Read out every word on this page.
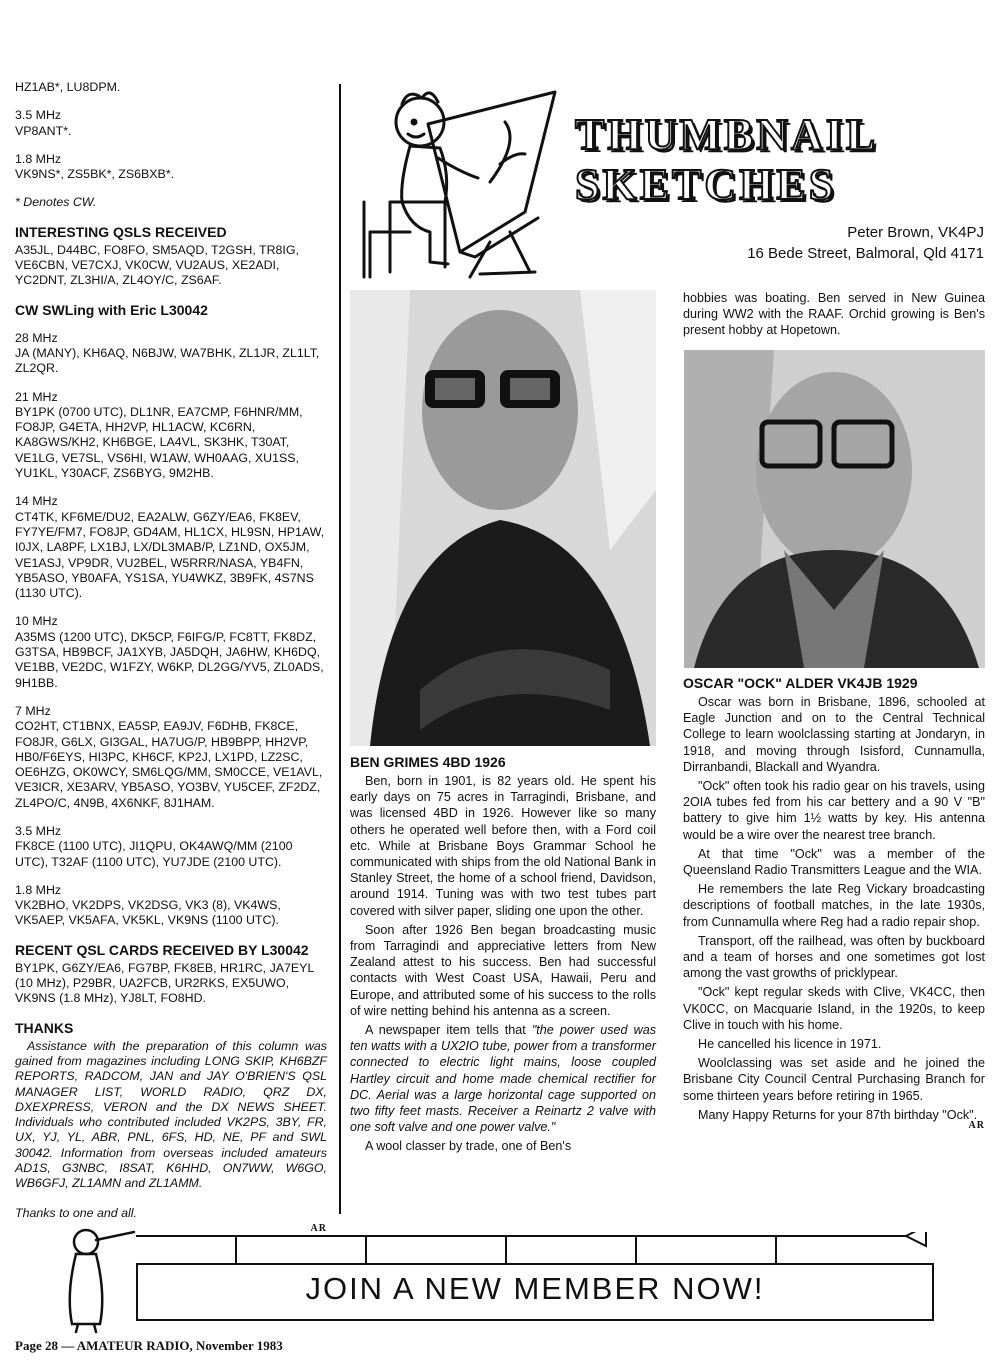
HZ1AB*, LU8DPM.
3.5 MHz
VP8ANT*.
1.8 MHz
VK9NS*, ZS5BK*, ZS6BXB*.
* Denotes CW.
INTERESTING QSLS RECEIVED
A35JL, D44BC, FO8FO, SM5AQD, T2GSH, TR8IG, VE6CBN, VE7CXJ, VK0CW, VU2AUS, XE2ADI, YC2DNT, ZL3HI/A, ZL4OY/C, ZS6AF.
CW SWLing with Eric L30042
28 MHz
JA (MANY), KH6AQ, N6BJW, WA7BHK, ZL1JR, ZL1LT, ZL2QR.
21 MHz
BY1PK (0700 UTC), DL1NR, EA7CMP, F6HNR/MM, FO8JP, G4ETA, HH2VP, HL1ACW, KC6RN, KA8GWS/KH2, KH6BGE, LA4VL, SK3HK, T30AT, VE1LG, VE7SL, VS6HI, W1AW, WH0AAG, XU1SS, YU1KL, Y30ACF, ZS6BYG, 9M2HB.
14 MHz
CT4TK, KF6ME/DU2, EA2ALW, G6ZY/EA6, FK8EV, FY7YE/FM7, FO8JP, GD4AM, HL1CX, HL9SN, HP1AW, I0JX, LA8PF, LX1BJ, LX/DL3MAB/P, LZ1ND, OX5JM, VE1ASJ, VP9DR, VU2BEL, W5RRR/NASA, YB4FN, YB5ASO, YB0AFA, YS1SA, YU4WKZ, 3B9FK, 4S7NS (1130 UTC).
10 MHz
A35MS (1200 UTC), DK5CP, F6IFG/P, FC8TT, FK8DZ, G3TSA, HB9BCF, JA1XYB, JA5DQH, JA6HW, KH6DQ, VE1BB, VE2DC, W1FZY, W6KP, DL2GG/YV5, ZL0ADS, 9H1BB.
7 MHz
CO2HT, CT1BNX, EA5SP, EA9JV, F6DHB, FK8CE, FO8JR, G6LX, GI3GAL, HA7UG/P, HB9BPP, HH2VP, HB0/F6EYS, HI3PC, KH6CF, KP2J, LX1PD, LZ2SC, OE6HZG, OK0WCY, SM6LQG/MM, SM0CCE, VE1AVL, VE3ICR, XE3ARV, YB5ASO, YO3BV, YU5CEF, ZF2DZ, ZL4PO/C, 4N9B, 4X6NKF, 8J1HAM.
3.5 MHz
FK8CE (1100 UTC), JI1QPU, OK4AWQ/MM (2100 UTC), T32AF (1100 UTC), YU7JDE (2100 UTC).
1.8 MHz
VK2BHO, VK2DPS, VK2DSG, VK3 (8), VK4WS, VK5AEP, VK5AFA, VK5KL, VK9NS (1100 UTC).
RECENT QSL CARDS RECEIVED BY L30042
BY1PK, G6ZY/EA6, FG7BP, FK8EB, HR1RC, JA7EYL (10 MHz), P29BR, UA2FCB, UR2RKS, EX5UWO, VK9NS (1.8 MHz), YJ8LT, FO8HD.
THANKS
Assistance with the preparation of this column was gained from magazines including LONG SKIP, KH6BZF REPORTS, RADCOM, JAN and JAY O'BRIEN'S QSL MANAGER LIST, WORLD RADIO, QRZ DX, DXEXPRESS, VERON and the DX NEWS SHEET. Individuals who contributed included VK2PS, 3BY, FR, UX, YJ, YL, ABR, PNL, 6FS, HD, NE, PF and SWL 30042. Information from overseas included amateurs AD1S, G3NBC, I8SAT, K6HHD, ON7WW, W6GO, WB6GFJ, ZL1AMN and ZL1AMM.
Thanks to one and all.
AR
THUMBNAIL
SKETCHES
Peter Brown, VK4PJ
16 Bede Street, Balmoral, Qld 4171
BEN GRIMES 4BD 1926
Ben, born in 1901, is 82 years old. He spent his early days on 75 acres in Tarragindi, Brisbane, and was licensed 4BD in 1926. However like so many others he operated well before then, with a Ford coil etc. While at Brisbane Boys Grammar School he communicated with ships from the old National Bank in Stanley Street, the home of a school friend, Davidson, around 1914. Tuning was with two test tubes part covered with silver paper, sliding one upon the other.
Soon after 1926 Ben began broadcasting music from Tarragindi and appreciative letters from New Zealand attest to his success. Ben had successful contacts with West Coast USA, Hawaii, Peru and Europe, and attributed some of his success to the rolls of wire netting behind his antenna as a screen.
A newspaper item tells that "the power used was ten watts with a UX2IO tube, power from a transformer connected to electric light mains, loose coupled Hartley circuit and home made chemical rectifier for DC. Aerial was a large horizontal cage supported on two fifty feet masts. Receiver a Reinartz 2 valve with one soft valve and one power valve."
A wool classer by trade, one of Ben's
hobbies was boating. Ben served in New Guinea during WW2 with the RAAF. Orchid growing is Ben's present hobby at Hopetown.
OSCAR "OCK" ALDER VK4JB 1929
Oscar was born in Brisbane, 1896, schooled at Eagle Junction and on to the Central Technical College to learn woolclassing starting at Jondaryn, in 1918, and moving through Isisford, Cunnamulla, Dirranbandi, Blackall and Wyandra.
"Ock" often took his radio gear on his travels, using 2OIA tubes fed from his car bettery and a 90 V "B" battery to give him 1½ watts by key. His antenna would be a wire over the nearest tree branch.
At that time "Ock" was a member of the Queensland Radio Transmitters League and the WIA.
He remembers the late Reg Vickary broadcasting descriptions of football matches, in the late 1930s, from Cunnamulla where Reg had a radio repair shop.
Transport, off the railhead, was often by buckboard and a team of horses and one sometimes got lost among the vast growths of pricklypear.
"Ock" kept regular skeds with Clive, VK4CC, then VK0CC, on Macquarie Island, in the 1920s, to keep Clive in touch with his home.
He cancelled his licence in 1971.
Woolclassing was set aside and he joined the Brisbane City Council Central Purchasing Branch for some thirteen years before retiring in 1965.
Many Happy Returns for your 87th birthday "Ock".
AR
JOIN A NEW MEMBER NOW!
Page 28 — AMATEUR RADIO, November 1983
